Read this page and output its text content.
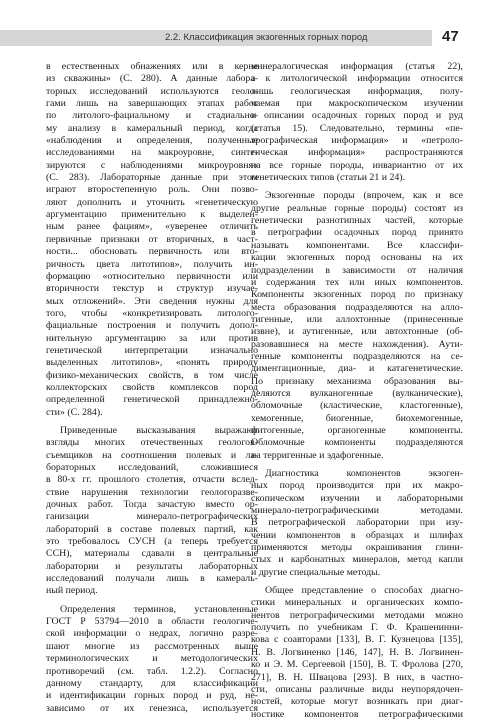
2.2. Классификация экзогенных горных пород	47
в естественных обнажениях или в керне
из скважины» (С. 280). А данные лабора-
торных исследований используются геоло-
гами лишь на завершающих этапах работ
по литолого-фациальному и стадиально-
му анализу в камеральный период, когда
«наблюдения и определения, полученные
исследованиями на макроуровне, синте-
зируются с наблюдениями микроуровня»
(С. 283). Лабораторные данные при этом
играют второстепенную роль. Они позво-
ляют дополнить и уточнить «генетическую
аргументацию применительно к выделен-
ным ранее фациям», «уверенее отличить
первичные признаки от вторичных, в част-
ности... обосновать первичность или вто-
ричность цвета литотипов», получить ин-
формацию «относительно первичности или
вторичности текстур и структур изучае-
мых отложений». Эти сведения нужны для
того, чтобы «конкретизировать литолого-
фациальные построения и получить допол-
нительную аргументацию за или против
генетической интерпретации изначально
выделенных литотипов», «понять природу
физико-механических свойств, в том числе
коллекторских свойств комплексов пород
определенной генетической принадлежно-
сти» (С. 284).
Приведенные высказывания выражают
взгляды многих отечественных геологов-
съемщиков на соотношения полевых и ла-
бораторных исследований, сложившиеся
в 80-х гг. прошлого столетия, отчасти вслед-
ствие нарушения технологии геологоразве-
дочных работ. Тогда зачастую вместо ор-
ганизации минерало-петрографических
лабораторий в составе полевых партий, как
это требовалось СУСН (а теперь требуется
ССН), материалы сдавали в центральные
лаборатории и результаты лабораторных
исследований получали лишь в камераль-
ный период.
Определения терминов, установленные
ГОСТ Р 53794—2010 в области геологиче-
ской информации о недрах, логично разре-
шают многие из рассмотренных выше
терминологических и методологических
противоречий (см. табл. 1.2.2). Согласно
данному стандарту, для классификации
и идентификации горных пород и руд, не-
зависимо от их генезиса, используется
минералогическая информация (статья 22),
а к литологической информации относится
лишь геологическая информация, полу-
чаемая при макроскопическом изучении
и описании осадочных горных пород и руд
(статья 15). Следовательно, термины «пе-
трографическая информация» и «петроло-
гическая информация» распространяются
на все горные породы, инвариантно от их
генетических типов (статьи 21 и 24).
Экзогенные породы (впрочем, как и все
другие реальные горные породы) состоят из
генетически разнотипных частей, которые
в петрографии осадочных пород принято
называть компонентами. Все классифи-
кации экзогенных пород основаны на их
подразделении в зависимости от наличия
и содержания тех или иных компонентов.
Компоненты экзогенных пород по признаку
места образования подразделяются на алло-
тигенные, или аллохтонные (принесенные
извне), и аутигенные, или автохтонные (об-
разовавшиеся на месте нахождения). Аути-
генные компоненты подразделяются на се-
диментационные, диа- и катагенетические.
По признаку механизма образования вы-
деляются вулканогенные (вулканические),
обломочные (кластические, кластогенные),
хемогенные, биогенные, биохемогенные,
фитогенные, органогенные компоненты.
Обломочные компоненты подразделяются
на терригенные и эдафогенные.
Диагностика компонентов экзоген-
ных пород производится при их макро-
скопическом изучении и лабораторными
минерало-петрографическими методами.
В петрографической лаборатории при изу-
чении компонентов в образцах и шлифах
применяются методы окрашивания глини-
стых и карбонатных минералов, метод капли
и другие специальные методы.
Общее представление о способах диагно-
стики минеральных и органических компо-
нентов петрографическими методами можно
получить по учебникам Г. Ф. Крашенинни-
кова с соавторами [133], В. Г. Кузнецова [135],
Н. В. Логвиненко [146, 147], Н. В. Логвинен-
ко и Э. М. Сергеевой [150], В. Т. Фроловa [270,
271], В. Н. Швацова [293]. В них, в частно-
сти, описаны различные виды неупорядочен-
ностей, которые могут возникать при диаг-
ностике компонентов петрографическими
